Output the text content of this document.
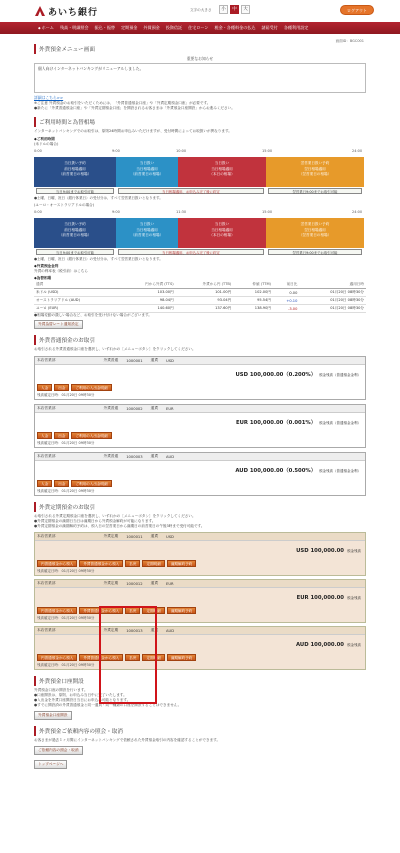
あいち銀行	文字の大きさ	小	中	大	ログアウト
◆ ホーム 残高・明細照会 振込・振替 定期預金 外貨預金 投資信託 住宅ローン 税金・各種料金の払込 諸届受付 各種利用設定
画面ID：BGC001
外貨預金メニュー画面
重要なお知らせ
個人向けインターネットバンキングがリニューアルしました。
詳細はこちら>>
※ご注意 外貨預金のお取引をいただくためには、「外貨普通預金口座」や「外貨定期預金口座」が必要です。
●新たに「外貨普通預金口座」や「外貨定期預金口座」を開設されるお客さまは「外貨預金口座開設」からお進みください。
ご利用時間と為替相場
インターネットバンキングでのお取引は、原則24時間お申込みいただけますが、受付時間によってお取扱いが異なります。
◆ご利用時間
(米ドルの場合)
0:00	9:00	10:00	15:00	24:00
当日扱い予約
前日相場適用
（前営業日の相場）
当日扱い
当日相場適用
（前営業日の相場）
当日扱い
当日相場適用
（本日の相場）
翌営業日扱い予約
翌日相場適用
（翌営業日の相場）
当日9:00までお取引可能	当日相場適用、お申込み完了後に約定	翌営業日9:00までお取引可能
●土曜、日曜、祝日（銀行休業日）の受付分は、すべて翌営業日扱いとなります。
(ユーロ・オーストラリアドルの場合)
0:00	9:00	11:30	15:00	24:00
当日扱い予約
前日相場適用
（前営業日の相場）
当日扱い
当日相場適用
（前営業日の相場）
当日扱い
当日相場適用
（本日の相場）
翌営業日扱い予約
翌日相場適用
（翌営業日の相場）
当日9:00までお取引可能	当日相場適用、お申込み完了後に約定	翌営業日9:00までお取引可能
●土曜、日曜、祝日（銀行休業日）の受付分は、すべて翌営業日扱いとなります。
◆外貨預金金利
外貨の利率表（税引前）はこちら
◆為替相場
通貨	円から外貨 (TTS)	外貨から円 (TTB)	仲値 (TTM)	前日比	適用日時
米ドル (USD)	103.00円	101.00円	102.00円	0.00	01月20日 08時30分
オーストラリアドル (AUD)	98.04円	93.04円	95.54円	+0.10	01月20日 08時30分
ユーロ (EUR)	140.60円	137.60円	138.90円	-3.00	01月20日 08時30分
●相場変動の激しい場合など、お取引を受け付けない場合がございます。
外貨為替レート通知設定
外貨普通預金のお取引
お取引される外貨普通預金口座を選択し、いずれかの［メニューボタン］をクリックしてください。
本店営業部	外貨普通 1000001 通貨 USD
USD 100,000.00（0.200%） 預金残高（普通預金金利）
入金	出金	ご利用の入出金明細
残高確定日時：01月20日 09時30分
本店営業部	外貨普通 1000002 通貨 EUR
EUR 100,000.00（0.001%） 預金残高（普通預金金利）
入金	出金	ご利用の入出金明細
残高確定日時：01月20日 09時30分
本店営業部	外貨普通 1000003 通貨 AUD
AUD 100,000.00（0.500%） 預金残高（普通預金金利）
入金	出金	ご利用の入出金明細
残高確定日時：01月20日 09時30分
外貨定期預金のお取引
お取引される外貨定期預金口座を選択し、いずれかの［メニューボタン］をクリックしてください。
●外貨定期預金の満期日当日は満期日から外貨預金解約が可能になります。
●外貨定期預金の満期解約予約は、預入日の翌営業日から満期日の前営業日の午後3時まで受付可能です。
本店営業部	外貨定期 1000011 通貨 USD
USD 100,000.00 預金残高
円普通預金から預入	外貨普通預金から預入	払戻	定期明細	満期解約予約
残高確定日時：01月20日 09時30分
本店営業部	外貨定期 1000012 通貨 EUR
EUR 100,000.00 預金残高
円普通預金から預入	外貨普通預金から預入	払戻	定期明細	満期解約予約
残高確定日時：01月20日 09時30分
本店営業部	外貨定期 1000013 通貨 AUD
AUD 100,000.00 預金残高
円普通預金から預入	外貨普通預金から預入	払戻	定期明細	満期解約予約
残高確定日時：01月20日 09時30分
外貨預金口座開設
外貨預金口座の開設を行います。
●口座開設は、原則、お申込み当日中に完了いたします。
●入出金を外貨口座開設日当日にお申込み可能となります。
●すでに開設済の外貨普通預金と同一通貨・同一種類の口座を開設することはできません。
外貨預金口座開設
外貨預金ご依頼内容の照会・取消
お客さまが過去１ヶ月間にインターネットバンキングで依頼された外貨預金取引の内容を確認することができます。
ご依頼内容の照会・取消
トップページへ
